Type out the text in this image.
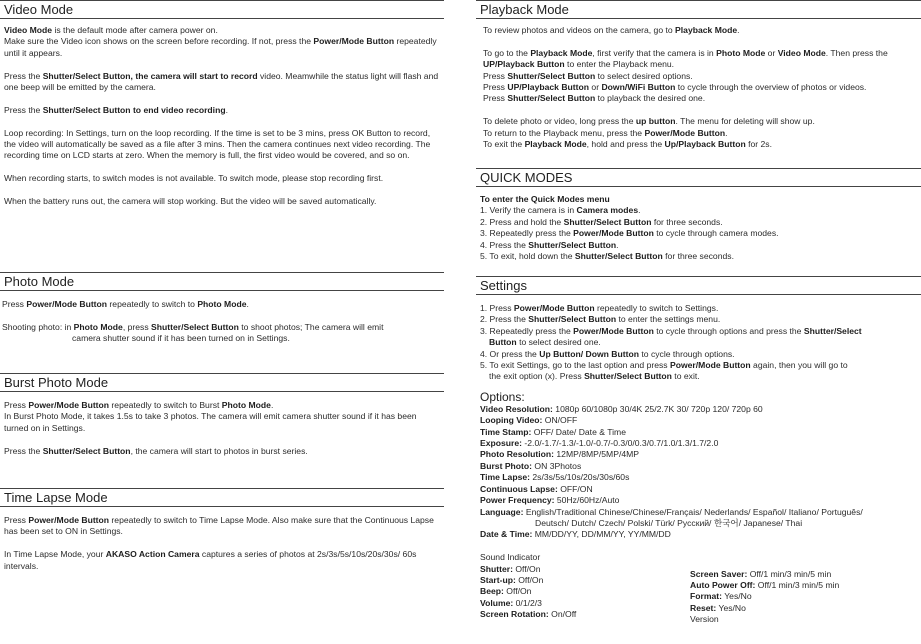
Video Mode

Video Mode is the default mode after camera power on.

Make sure the Video icon shows on the screen before recording. If not, press the Power/Mode Button repeatedly until it appears.

Press the Shutter/Select Button, the camera will start to record video. Meamwhile the status light will flash and one beep will be emitted by the camera.

Press the Shutter/Select Button to end video recording.

Loop recording: In Settings, turn on the loop recording. If the time is set to be 3 mins, press OK Button to record, the video will automatically be saved as a file after 3 mins. Then the camera continues next video recording. The recording time on LCD starts at zero. When the memory is full, the first video would be covered, and so on.

When recording starts, to switch modes is not available. To switch mode, please stop recording first.

When the battery runs out, the camera will stop working. But the video will be saved automatically.

Photo Mode

Press Power/Mode Button repeatedly to switch to Photo Mode.

Shooting photo: in Photo Mode, press Shutter/Select Button to shoot photos; The camera will emit

camera shutter sound if it has been turned on in Settings.

Burst Photo Mode

Press Power/Mode Button repeatedly to switch to Burst Photo Mode.

In Burst Photo Mode, it takes 1.5s to take 3 photos. The camera will emit camera shutter sound if it has been turned on in Settings.

Press the Shutter/Select Button, the camera will start to photos in burst series.

Time Lapse Mode

Press Power/Mode Button repeatedly to switch to Time Lapse Mode. Also make sure that the Continuous Lapse has been set to ON in Settings.

In Time Lapse Mode, your AKASO Action Camera captures a series of photos at 2s/3s/5s/10s/20s/30s/ 60s intervals.

Playback Mode

To review photos and videos on the camera, go to Playback Mode.

To go to the Playback Mode, first verify that the camera is in Photo Mode or Video Mode. Then press the UP/Playback Button to enter the Playback menu.

Press Shutter/Select Button to select desired options.

Press UP/Playback Button or Down/WiFi Button to cycle through the overview of photos or videos.

Press Shutter/Select Button to playback the desired one.

To delete photo or video, long press the up button. The menu for deleting will show up.

To return to the Playback menu, press the Power/Mode Button.

To exit the Playback Mode, hold and press the Up/Playback Button for 2s.

QUICK MODES

To enter the Quick Modes menu

1. Verify the camera is in Camera modes.

2. Press and hold the Shutter/Select Button for three seconds.

3. Repeatedly press the Power/Mode Button to cycle through camera modes.

4. Press the Shutter/Select Button.

5. To exit, hold down the Shutter/Select Button for three seconds.

Settings

1. Press Power/Mode Button repeatedly to switch to Settings.

2. Press the Shutter/Select Button to enter the settings menu.

3. Repeatedly press the Power/Mode Button to cycle through options and press the Shutter/Select
Button to select desired one.

4. Or press the Up Button/ Down Button to cycle through options.

5. To exit Settings, go to the last option and press Power/Mode Button again, then you will go to
the exit option (x). Press Shutter/Select Button to exit.

Options:
Video Resolution: 1080p 60/1080p 30/4K 25/2.7K 30/ 720p 120/ 720p 60
Looping Video: ON/OFF
Time Stamp: OFF/ Date/ Date & Time
Exposure: -2.0/-1.7/-1.3/-1.0/-0.7/-0.3/0/0.3/0.7/1.0/1.3/1.7/2.0
Photo Resolution: 12MP/8MP/5MP/4MP
Burst Photo: ON 3Photos
Time Lapse: 2s/3s/5s/10s/20s/30s/60s
Continuous Lapse: OFF/ON
Power Frequency: 50Hz/60Hz/Auto
Language: English/Traditional Chinese/Chinese/Français/ Nederlands/ Español/ Italiano/ Português/
Deutsch/ Dutch/ Czech/ Polski/ Türk/ Русский/ 한국어/ Japanese/ Thai
Date & Time: MM/DD/YY, DD/MM/YY, YY/MM/DD
Sound Indicator
Shutter: Off/On
Start-up: Off/On
Beep: Off/On
Volume: 0/1/2/3
Screen Rotation: On/Off
Screen Saver: Off/1 min/3 min/5 min
Auto Power Off: Off/1 min/3 min/5 min
Format: Yes/No
Reset: Yes/No
Version
